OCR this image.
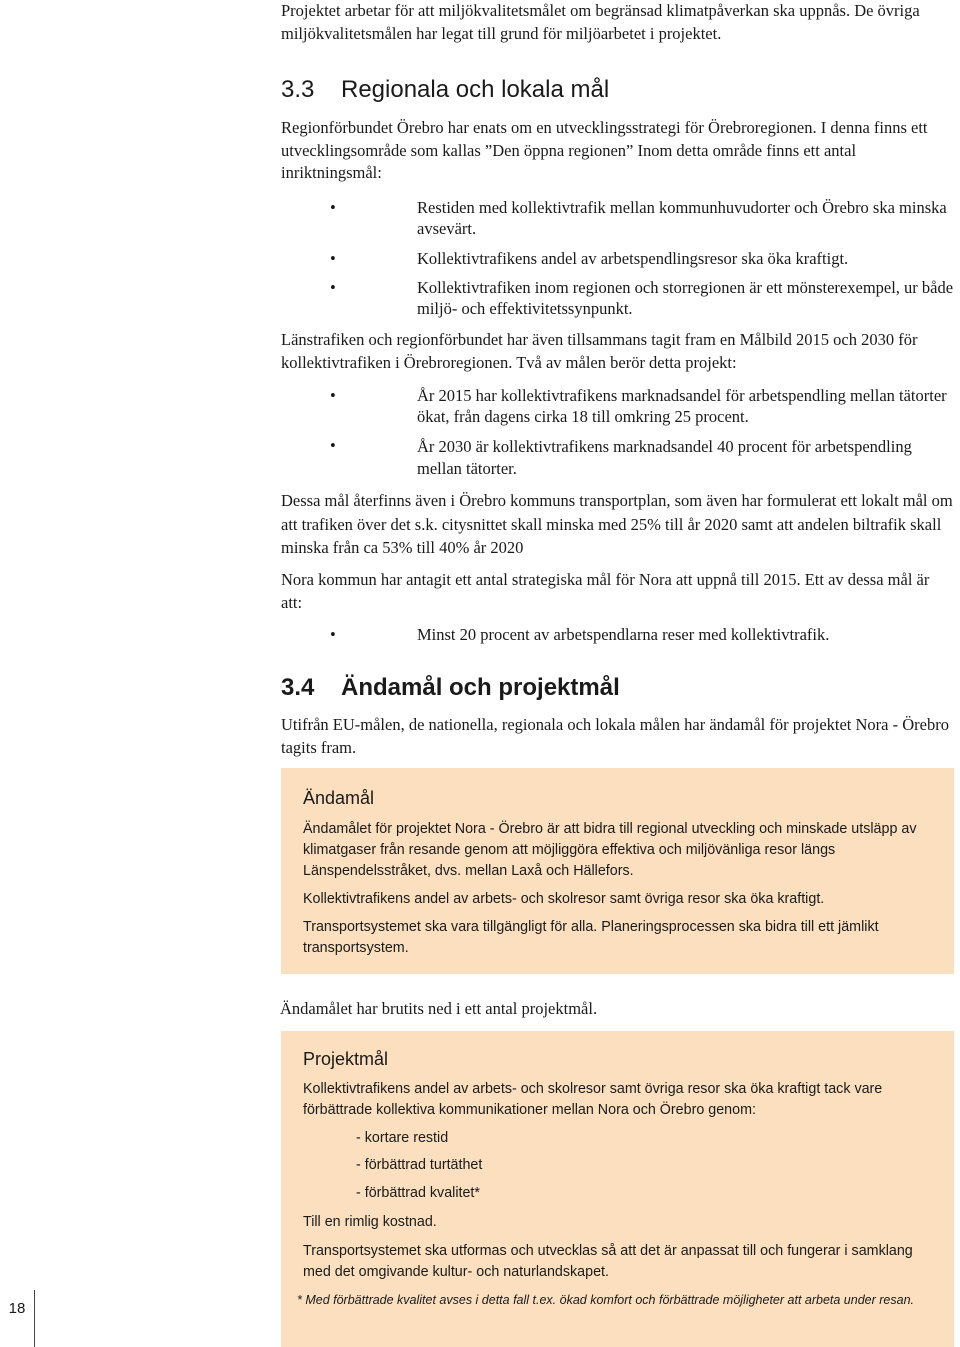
Projektet arbetar för att miljökvalitetsmålet om begränsad klimatpåverkan ska uppnås. De övriga miljökvalitetsmålen har legat till grund för miljöarbetet i projektet.

3.3 Regionala och lokala mål

Regionförbundet Örebro har enats om en utvecklingsstrategi för Örebroregionen. I denna finns ett utvecklingsområde som kallas ”Den öppna regionen” Inom detta område finns ett antal inriktningsmål:

•	Restiden med kollektivtrafik mellan kommunhuvudorter och Örebro ska minska avsevärt.
•	Kollektivtrafikens andel av arbetspendlingsresor ska öka kraftigt.
•	Kollektivtrafiken inom regionen och storregionen är ett mönsterexempel, ur både miljö- och effektivitetssynpunkt.

Länstrafiken och regionförbundet har även tillsammans tagit fram en Målbild 2015 och 2030 för kollektivtrafiken i Örebroregionen. Två av målen berör detta projekt:

•	År 2015 har kollektivtrafikens marknadsandel för arbetspendling mellan tätorter ökat, från dagens cirka 18 till omkring 25 procent.
•	År 2030 är kollektivtrafikens marknadsandel 40 procent för arbetspendling mellan tätorter.

Dessa mål återfinns även i Örebro kommuns transportplan, som även har formulerat ett lokalt mål om att trafiken över det s.k. citysnittet skall minska med 25% till år 2020 samt att andelen biltrafik skall minska från ca 53% till 40% år 2020

Nora kommun har antagit ett antal strategiska mål för Nora att uppnå till 2015. Ett av dessa mål är att:

•	Minst 20 procent av arbetspendlarna reser med kollektivtrafik.
3.4 Ändamål och projektmål

Utifrån EU-målen, de nationella, regionala och lokala målen har ändamål för projektet Nora - Örebro tagits fram.

Ändamål

Ändamålet för projektet Nora - Örebro är att bidra till regional utveckling och minskade utsläpp av klimatgaser från resande genom att möjliggöra effektiva och miljövänliga resor längs Länspendelsstråket, dvs. mellan Laxå och Hällefors.

Kollektivtrafikens andel av arbets- och skolresor samt övriga resor ska öka kraftigt.

Transportsystemet ska vara tillgängligt för alla. Planeringsprocessen ska bidra till ett jämlikt transportsystem.

Ändamålet har brutits ned i ett antal projektmål.

Projektmål

Kollektivtrafikens andel av arbets- och skolresor samt övriga resor ska öka kraftigt tack vare förbättrade kollektiva kommunikationer mellan Nora och Örebro genom:

- kortare restid
- förbättrad turtäthet
- förbättrad kvalitet*

Till en rimlig kostnad.

Transportsystemet ska utformas och utvecklas så att det är anpassat till och fungerar i samklang med det omgivande kultur- och naturlandskapet.

* Med förbättrade kvalitet avses i detta fall t.ex. ökad komfort och förbättrade möjligheter att arbeta under resan.

18
